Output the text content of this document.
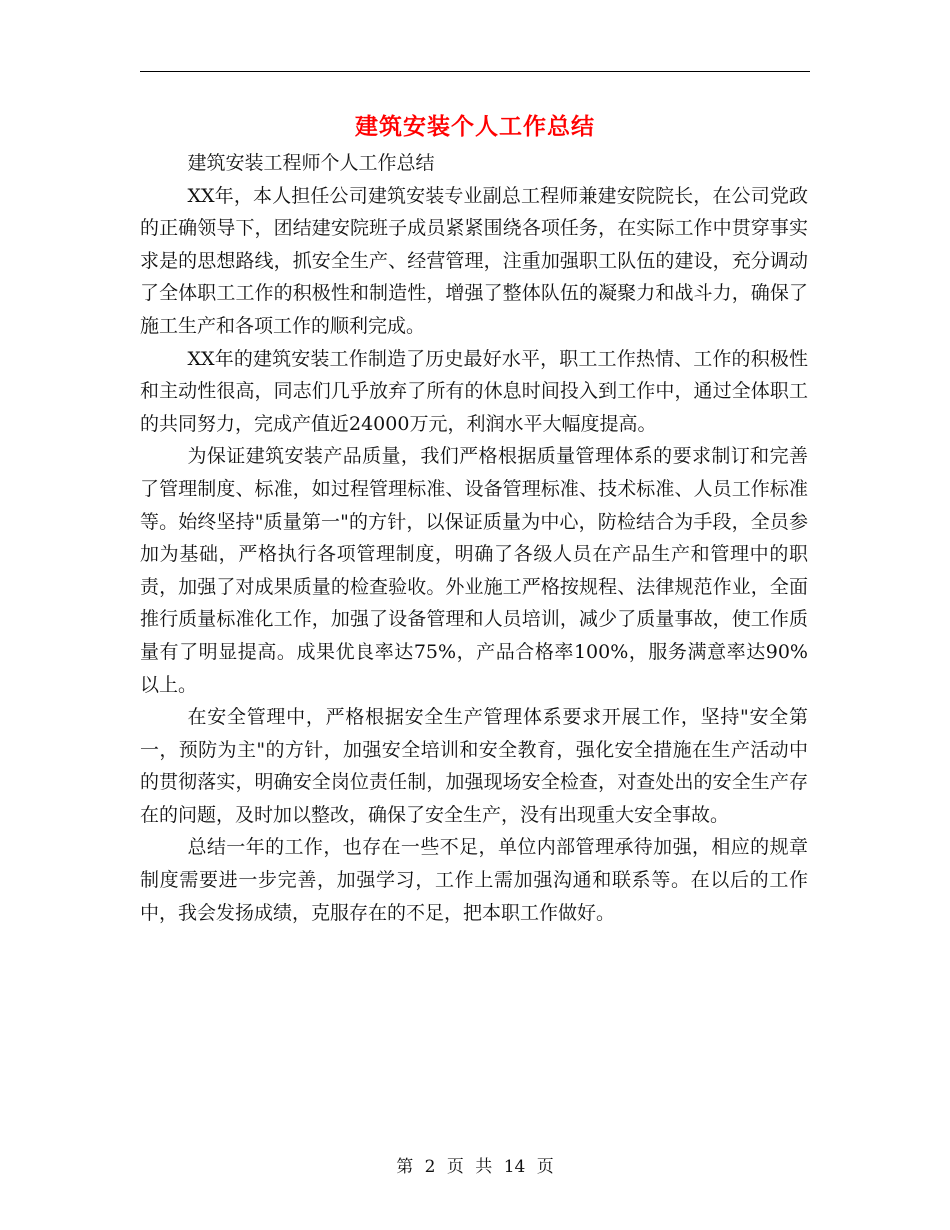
建筑安装个人工作总结

建筑安装工程师个人工作总结

XX年，本人担任公司建筑安装专业副总工程师兼建安院院长，在公司党政的正确领导下，团结建安院班子成员紧紧围绕各项任务，在实际工作中贯穿事实求是的思想路线，抓安全生产、经营管理，注重加强职工队伍的建设，充分调动了全体职工工作的积极性和制造性，增强了整体队伍的凝聚力和战斗力，确保了施工生产和各项工作的顺利完成。

XX年的建筑安装工作制造了历史最好水平，职工工作热情、工作的积极性和主动性很高，同志们几乎放弃了所有的休息时间投入到工作中，通过全体职工的共同努力，完成产值近24000万元，利润水平大幅度提高。

为保证建筑安装产品质量，我们严格根据质量管理体系的要求制订和完善了管理制度、标准，如过程管理标准、设备管理标准、技术标准、人员工作标准等。始终坚持"质量第一"的方针，以保证质量为中心，防检结合为手段，全员参加为基础，严格执行各项管理制度，明确了各级人员在产品生产和管理中的职责，加强了对成果质量的检查验收。外业施工严格按规程、法律规范作业，全面推行质量标准化工作，加强了设备管理和人员培训，减少了质量事故，使工作质量有了明显提高。成果优良率达75%，产品合格率100%，服务满意率达90%以上。

在安全管理中，严格根据安全生产管理体系要求开展工作，坚持"安全第一，预防为主"的方针，加强安全培训和安全教育，强化安全措施在生产活动中的贯彻落实，明确安全岗位责任制，加强现场安全检查，对查处出的安全生产存在的问题，及时加以整改，确保了安全生产，没有出现重大安全事故。

总结一年的工作，也存在一些不足，单位内部管理承待加强，相应的规章制度需要进一步完善，加强学习，工作上需加强沟通和联系等。在以后的工作中，我会发扬成绩，克服存在的不足，把本职工作做好。

第 2 页 共 14 页
